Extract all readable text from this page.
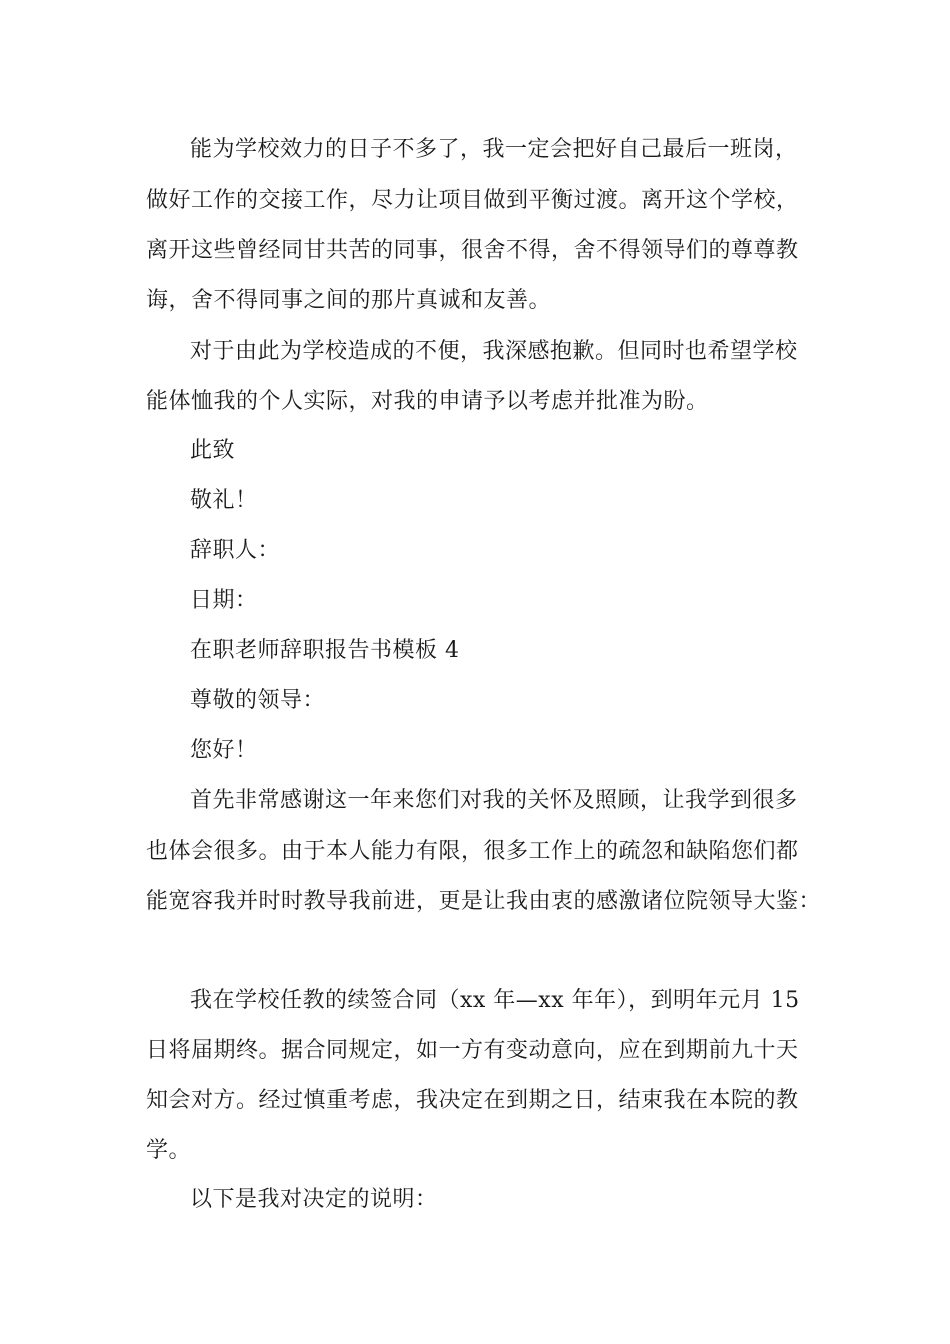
能为学校效力的日子不多了，我一定会把好自己最后一班岗，
做好工作的交接工作，尽力让项目做到平衡过渡。离开这个学校，
离开这些曾经同甘共苦的同事，很舍不得，舍不得领导们的尊尊教
诲，舍不得同事之间的那片真诚和友善。
对于由此为学校造成的不便，我深感抱歉。但同时也希望学校
能体恤我的个人实际，对我的申请予以考虑并批准为盼。
此致
敬礼！
辞职人：
日期：
在职老师辞职报告书模板 4
尊敬的领导：
您好！
首先非常感谢这一年来您们对我的关怀及照顾，让我学到很多
也体会很多。由于本人能力有限，很多工作上的疏忽和缺陷您们都
能宽容我并时时教导我前进，更是让我由衷的感激诸位院领导大鉴：
我在学校任教的续签合同（xx 年—xx 年年），到明年元月 15
日将届期终。据合同规定，如一方有变动意向，应在到期前九十天
知会对方。经过慎重考虑，我决定在到期之日，结束我在本院的教
学。
以下是我对决定的说明：
